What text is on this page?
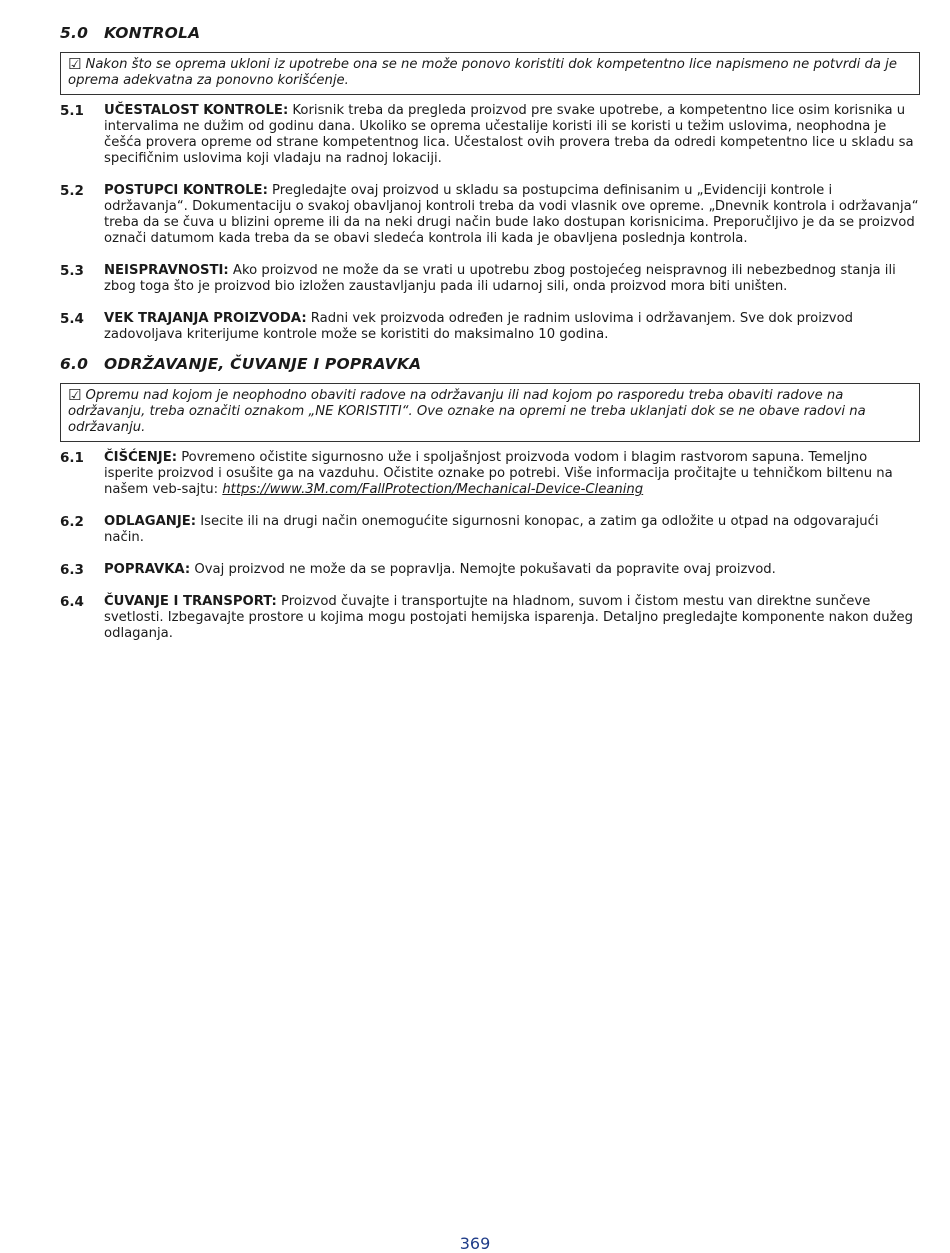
5.0	KONTROLA
☑ Nakon što se oprema ukloni iz upotrebe ona se ne može ponovo koristiti dok kompetentno lice napismeno ne potvrdi da je oprema adekvatna za ponovno korišćenje.
5.1	UČESTALOST KONTROLE: Korisnik treba da pregleda proizvod pre svake upotrebe, a kompetentno lice osim korisnika u intervalima ne dužim od godinu dana. Ukoliko se oprema učestalije koristi ili se koristi u težim uslovima, neophodna je češća provera opreme od strane kompetentnog lica. Učestalost ovih provera treba da odredi kompetentno lice u skladu sa specifičnim uslovima koji vladaju na radnoj lokaciji.
5.2	POSTUPCI KONTROLE: Pregledajte ovaj proizvod u skladu sa postupcima definisanim u „Evidenciji kontrole i održavanja“. Dokumentaciju o svakoj obavljanoj kontroli treba da vodi vlasnik ove opreme. „Dnevnik kontrola i održavanja“ treba da se čuva u blizini opreme ili da na neki drugi način bude lako dostupan korisnicima. Preporučljivo je da se proizvod označi datumom kada treba da se obavi sledeća kontrola ili kada je obavljena poslednja kontrola.
5.3	NEISPRAVNOSTI: Ako proizvod ne može da se vrati u upotrebu zbog postojećeg neispravnog ili nebezbednog stanja ili zbog toga što je proizvod bio izložen zaustavljanju pada ili udarnoj sili, onda proizvod mora biti uništen.
5.4	VEK TRAJANJA PROIZVODA: Radni vek proizvoda određen je radnim uslovima i održavanjem. Sve dok proizvod zadovoljava kriterijume kontrole može se koristiti do maksimalno 10 godina.
6.0	ODRŽAVANJE, ČUVANJE I POPRAVKA
☑ Opremu nad kojom je neophodno obaviti radove na održavanju ili nad kojom po rasporedu treba obaviti radove na održavanju, treba označiti oznakom „NE KORISTITI“. Ove oznake na opremi ne treba uklanjati dok se ne obave radovi na održavanju.
6.1	ČIŠĆENJE: Povremeno očistite sigurnosno uže i spoljašnjost proizvoda vodom i blagim rastvorom sapuna. Temeljno isperite proizvod i osušite ga na vazduhu. Očistite oznake po potrebi. Više informacija pročitajte u tehničkom biltenu na našem veb-sajtu: https://www.3M.com/FallProtection/Mechanical-Device-Cleaning
6.2	ODLAGANJE: Isecite ili na drugi način onemogućite sigurnosni konopac, a zatim ga odložite u otpad na odgovarajući način.
6.3	POPRAVKA: Ovaj proizvod ne može da se popravlja. Nemojte pokušavati da popravite ovaj proizvod.
6.4	ČUVANJE I TRANSPORT: Proizvod čuvajte i transportujte na hladnom, suvom i čistom mestu van direktne sunčeve svetlosti. Izbegavajte prostore u kojima mogu postojati hemijska isparenja. Detaljno pregledajte komponente nakon dužeg odlaganja.
369
